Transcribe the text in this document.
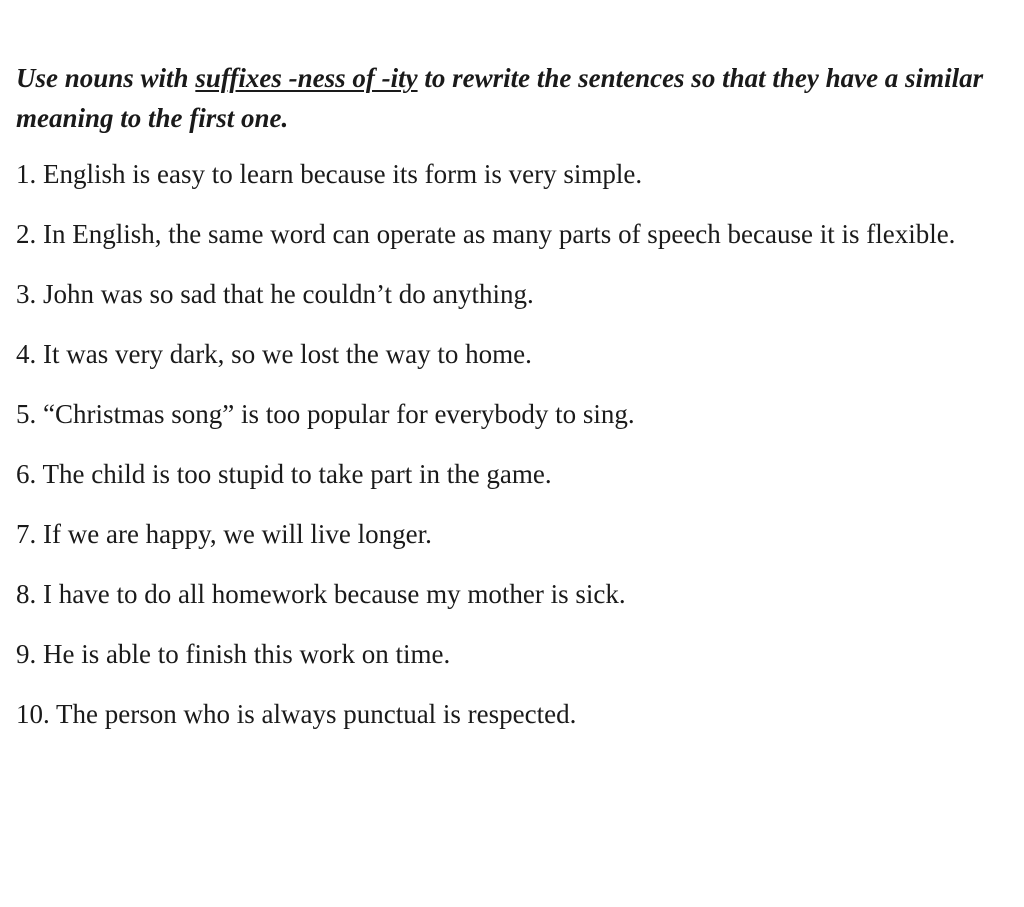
Use nouns with suffixes -ness of -ity to rewrite the sentences so that they have a similar meaning to the first one.

1. English is easy to learn because its form is very simple.
2. In English, the same word can operate as many parts of speech because it is flexible.
3. John was so sad that he couldn’t do anything.
4. It was very dark, so we lost the way to home.
5. “Christmas song” is too popular for everybody to sing.
6. The child is too stupid to take part in the game.
7. If we are happy, we will live longer.
8. I have to do all homework because my mother is sick.
9. He is able to finish this work on time.
10. The person who is always punctual is respected.
